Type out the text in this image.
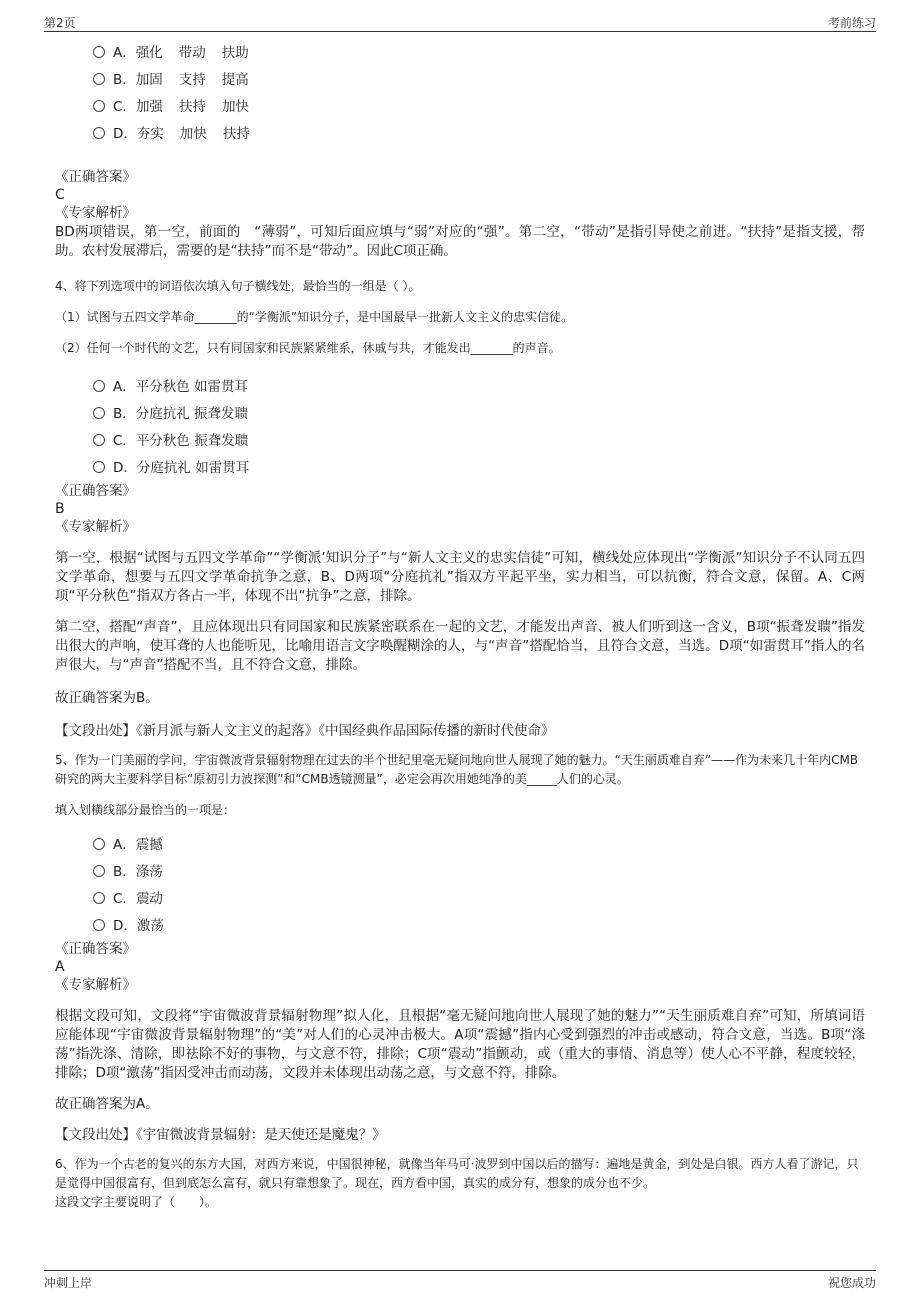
第2页	考前练习
A．强化 带动 扶助
B．加固 支持 提高
C．加强 扶持 加快
D．夯实 加快 扶持
《正确答案》
C
《专家解析》
BD两项错误，第一空，前面的　“薄弱”，可知后面应填与“弱”对应的“强”。第二空，“带动”是指引导使之前进。“扶持”是指支援，帮助。农村发展滞后，需要的是“扶持”而不是“带动”。因此C项正确。
4、将下列选项中的词语依次填入句子横线处，最恰当的一组是（ ）。
（1）试图与五四文学革命_______的“学衡派”知识分子，是中国最早一批新人文主义的忠实信徒。
（2）任何一个时代的文艺，只有同国家和民族紧紧维系，休戚与共，才能发出_______的声音。
A．平分秋色 如雷贯耳
B．分庭抗礼 振聋发聩
C．平分秋色 振聋发聩
D．分庭抗礼 如雷贯耳
《正确答案》
B
《专家解析》
第一空，根据“试图与五四文学革命”“学衡派’知识分子”与“新人文主义的忠实信徒”可知，横线处应体现出“学衡派”知识分子不认同五四文学革命，想要与五四文学革命抗争之意，B、D两项“分庭抗礼”指双方平起平坐，实力相当，可以抗衡，符合文意，保留。A、C两项“平分秋色”指双方各占一半，体现不出“抗争”之意，排除。
第二空，搭配“声音”，且应体现出只有同国家和民族紧密联系在一起的文艺，才能发出声音、被人们听到这一含义，B项“振聋发聩”指发出很大的声响，使耳聋的人也能听见，比喻用语言文字唤醒糊涂的人，与“声音”搭配恰当，且符合文意，当选。D项“如雷贯耳”指人的名声很大，与“声音”搭配不当，且不符合文意，排除。
故正确答案为B。
【文段出处】《新月派与新人文主义的起落》《中国经典作品国际传播的新时代使命》
5、作为一门美丽的学问，宇宙微波背景辐射物理在过去的半个世纪里毫无疑问地向世人展现了她的魅力。“天生丽质难自弃”——作为未来几十年内CMB研究的两大主要科学目标“原初引力波探测”和“CMB透镜测量”，必定会再次用她纯净的美_____人们的心灵。
填入划横线部分最恰当的一项是：
A．震撼
B．涤荡
C．震动
D．激荡
《正确答案》
A
《专家解析》
根据文段可知，文段将“宇宙微波背景辐射物理”拟人化，且根据“毫无疑问地向世人展现了她的魅力”“天生丽质难自弃”可知，所填词语应能体现“宇宙微波背景辐射物理”的“美”对人们的心灵冲击极大。A项“震撼”指内心受到强烈的冲击或感动，符合文意，当选。B项“涤荡”指洗涤、清除，即祛除不好的事物，与文意不符，排除；C项“震动”指颤动，或（重大的事情、消息等）使人心不平静，程度较轻，排除；D项“激荡”指因受冲击而动荡，文段并未体现出动荡之意，与文意不符，排除。
故正确答案为A。
【文段出处】《宇宙微波背景辐射：是天使还是魔鬼？》
6、作为一个古老的复兴的东方大国，对西方来说，中国很神秘，就像当年马可·波罗到中国以后的描写：遍地是黄金，到处是白银。西方人看了游记，只是觉得中国很富有，但到底怎么富有，就只有靠想象了。现在，西方看中国，真实的成分有，想象的成分也不少。
这段文字主要说明了（　　）。
冲刺上岸	祝您成功
